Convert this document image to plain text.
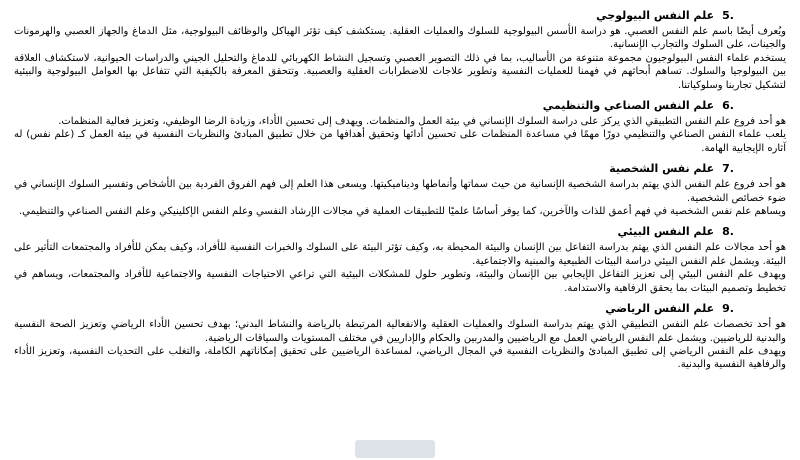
5.
علم النفس البيولوجي

ويُعرف أيضًا باسم علم النفس العصبي. هو دراسة الأسس البيولوجية للسلوك والعمليات العقلية. يستكشف كيف تؤثر الهياكل والوظائف البيولوجية، مثل الدماغ والجهاز العصبي والهرمونات والجينات، على السلوك والتجارب الإنسانية.

يستخدم علماء النفس البيولوجيون مجموعة متنوعة من الأساليب، بما في ذلك التصوير العصبي وتسجيل النشاط الكهربائي للدماغ والتحليل الجيني والدراسات الحيوانية، لاستكشاف العلاقة بين البيولوجيا والسلوك. تساهم أبحاثهم في فهمنا للعمليات النفسية وتطوير علاجات للاضطرابات العقلية والعصبية. وتتحقق المعرفة بالكيفية التي تتفاعل بها العوامل البيولوجية والبيئية لتشكيل تجاربنا وسلوكياتنا.

6.
علم النفس الصناعي والتنظيمي

هو أحد فروع علم النفس التطبيقي الذي يركز على دراسة السلوك الإنساني في بيئة العمل والمنظمات. ويهدف إلى تحسين الأداء، وزيادة الرضا الوظيفي، وتعزيز فعالية المنظمات.

يلعب علماء النفس الصناعي والتنظيمي دورًا مهمًا في مساعدة المنظمات على تحسين أدائها وتحقيق أهدافها من خلال تطبيق المبادئ والنظريات النفسية في بيئة العمل كـ (علم نفس) له آثاره الإيجابية الهامة.

7.
علم نفس الشخصية

هو أحد فروع علم النفس الذي يهتم بدراسة الشخصية الإنسانية من حيث سماتها وأنماطها وديناميكيتها. ويسعى هذا العلم إلى فهم الفروق الفردية بين الأشخاص وتفسير السلوك الإنساني في ضوء خصائص الشخصية.

ويساهم علم نفس الشخصية في فهم أعمق للذات والآخرين، كما يوفر أساسًا علميًا للتطبيقات العملية في مجالات الإرشاد النفسي وعلم النفس الإكلينيكي وعلم النفس الصناعي والتنظيمي.

8.
علم النفس البيئي

هو أحد مجالات علم النفس الذي يهتم بدراسة التفاعل بين الإنسان والبيئة المحيطة به، وكيف تؤثر البيئة على السلوك والخبرات النفسية للأفراد، وكيف يمكن للأفراد والمجتمعات التأثير على البيئة. ويشمل علم النفس البيئي دراسة البيئات الطبيعية والمبنية والاجتماعية.

ويهدف علم النفس البيئي إلى تعزيز التفاعل الإيجابي بين الإنسان والبيئة، وتطوير حلول للمشكلات البيئية التي تراعي الاحتياجات النفسية والاجتماعية للأفراد والمجتمعات، ويساهم في تخطيط وتصميم البيئات بما يحقق الرفاهية والاستدامة.

9.
علم النفس الرياضي

هو أحد تخصصات علم النفس التطبيقي الذي يهتم بدراسة السلوك والعمليات العقلية والانفعالية المرتبطة بالرياضة والنشاط البدني؛ بهدف تحسين الأداء الرياضي وتعزيز الصحة النفسية والبدنية للرياضيين. ويشمل علم النفس الرياضي العمل مع الرياضيين والمدربين والحكام والإداريين في مختلف المستويات والسياقات الرياضية.

ويهدف علم النفس الرياضي إلى تطبيق المبادئ والنظريات النفسية في المجال الرياضي، لمساعدة الرياضيين على تحقيق إمكاناتهم الكاملة، والتغلب على التحديات النفسية، وتعزيز الأداء والرفاهية النفسية والبدنية.
